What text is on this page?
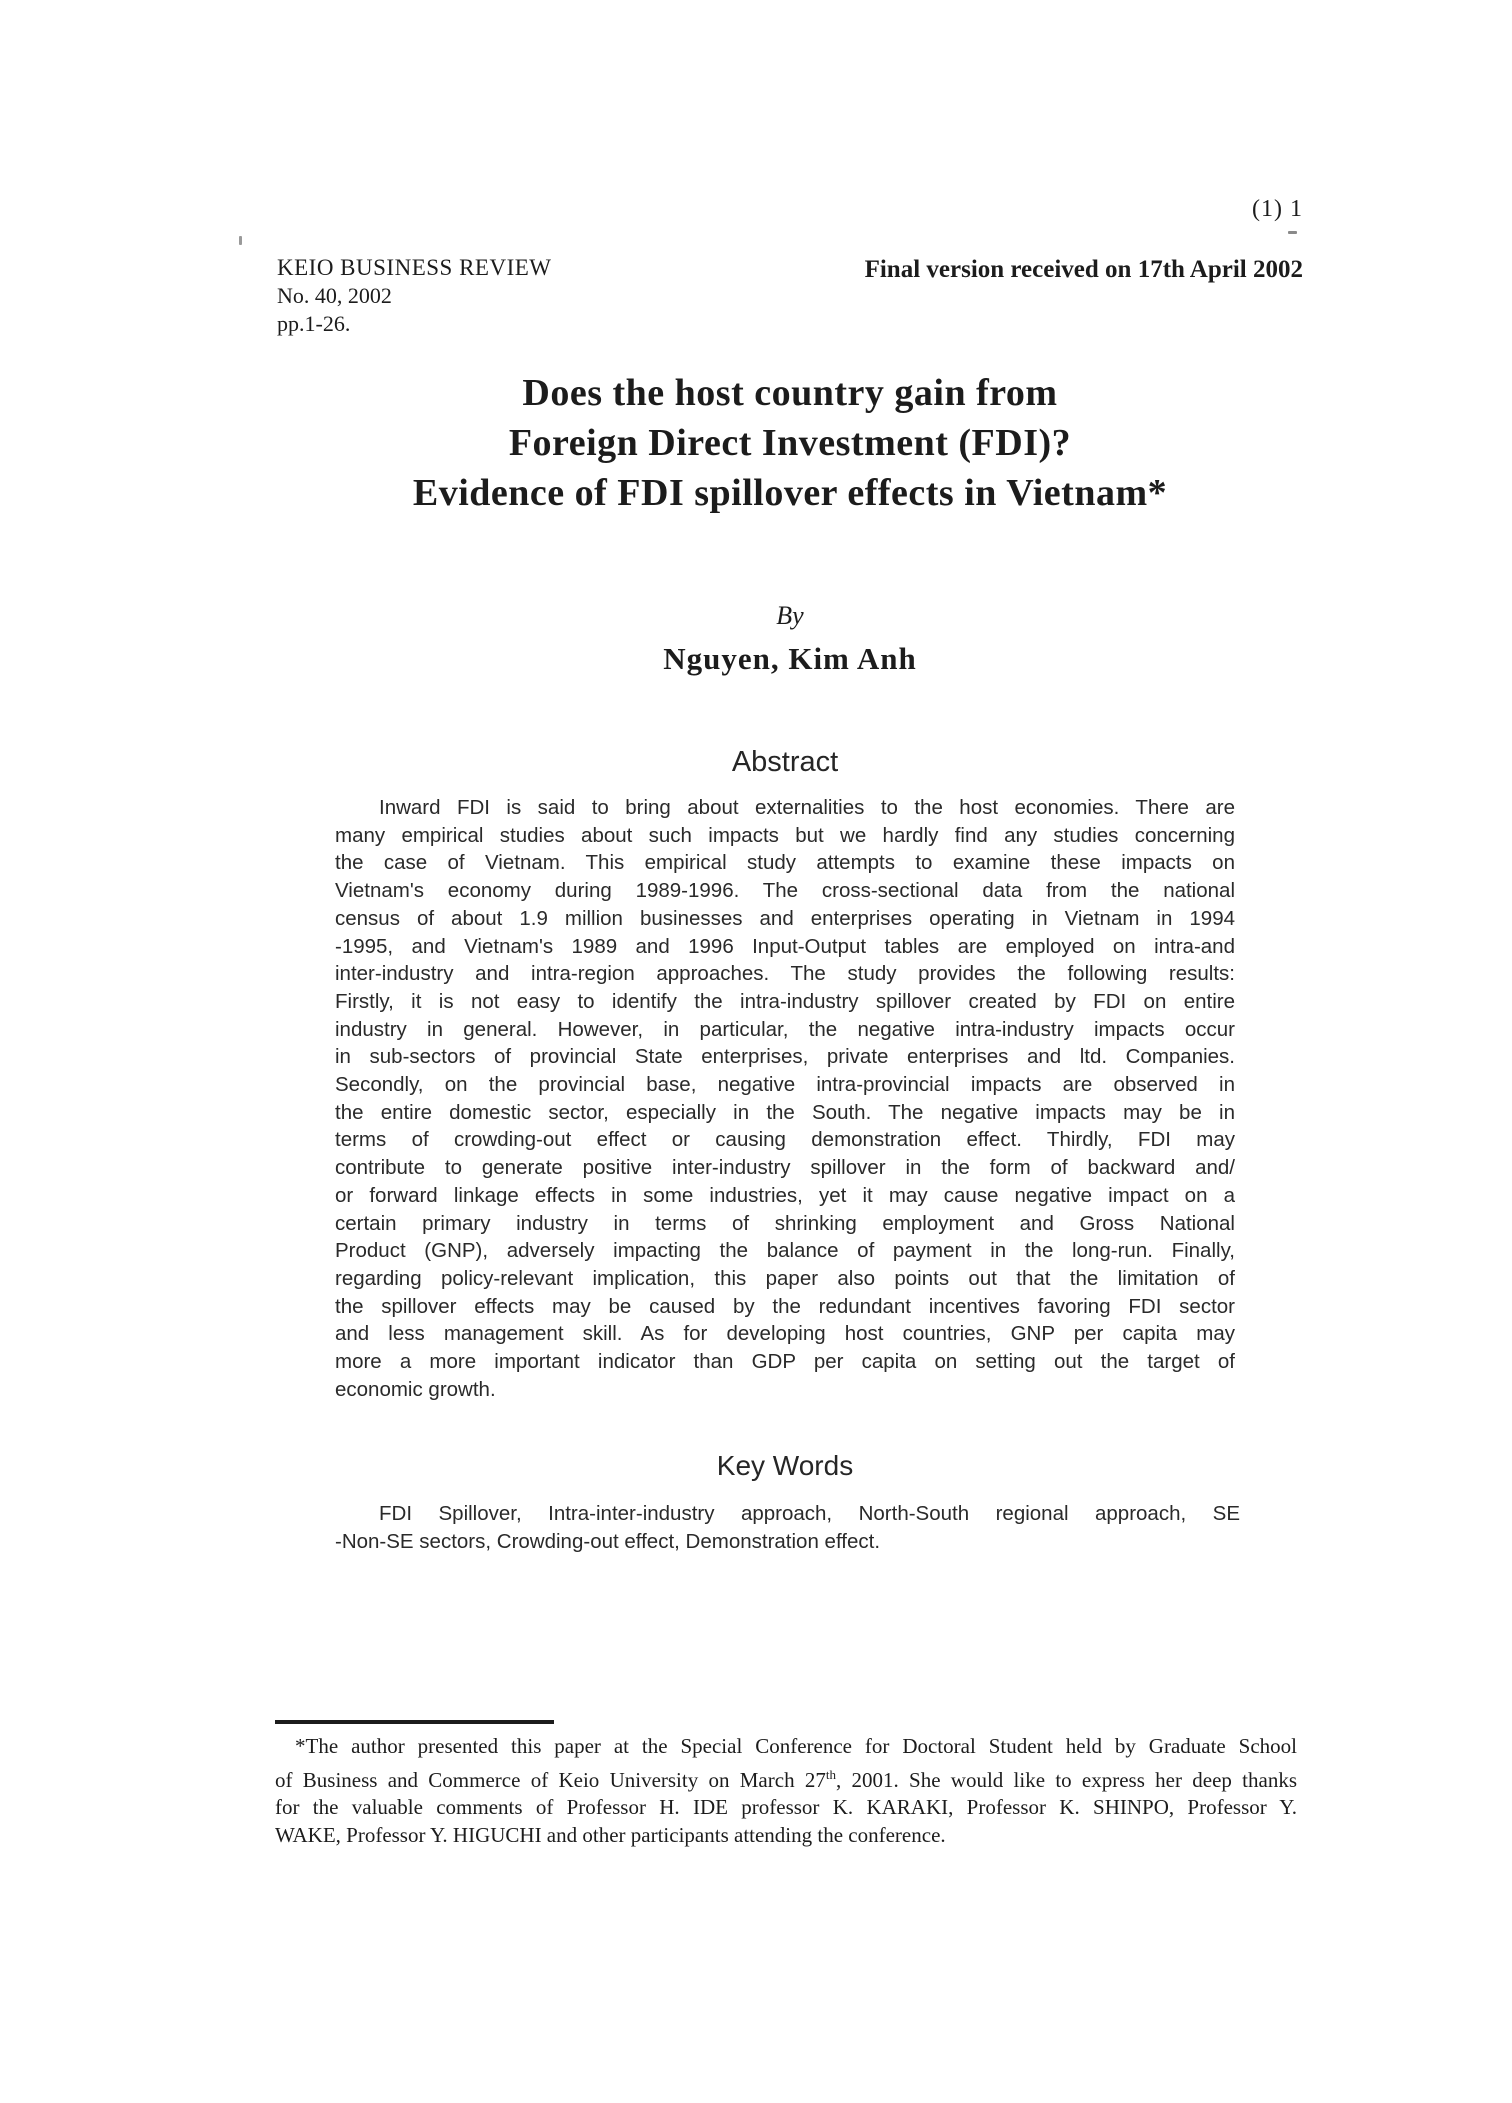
(1) 1
KEIO BUSINESS REVIEW
No. 40, 2002
pp.1-26.
Final version received on 17th April 2002
Does the host country gain from
Foreign Direct Investment (FDI)?
Evidence of FDI spillover effects in Vietnam*
By
Nguyen, Kim Anh
Abstract
Inward FDI is said to bring about externalities to the host economies. There are
many empirical studies about such impacts but we hardly find any studies concerning
the case of Vietnam. This empirical study attempts to examine these impacts on
Vietnam's economy during 1989-1996. The cross-sectional data from the national
census of about 1.9 million businesses and enterprises operating in Vietnam in 1994
-1995, and Vietnam's 1989 and 1996 Input-Output tables are employed on intra-and
inter-industry and intra-region approaches. The study provides the following results:
Firstly, it is not easy to identify the intra-industry spillover created by FDI on entire
industry in general. However, in particular, the negative intra-industry impacts occur
in sub-sectors of provincial State enterprises, private enterprises and ltd. Companies.
Secondly, on the provincial base, negative intra-provincial impacts are observed in
the entire domestic sector, especially in the South. The negative impacts may be in
terms of crowding-out effect or causing demonstration effect. Thirdly, FDI may
contribute to generate positive inter-industry spillover in the form of backward and/
or forward linkage effects in some industries, yet it may cause negative impact on a
certain primary industry in terms of shrinking employment and Gross National
Product (GNP), adversely impacting the balance of payment in the long-run. Finally,
regarding policy-relevant implication, this paper also points out that the limitation of
the spillover effects may be caused by the redundant incentives favoring FDI sector
and less management skill. As for developing host countries, GNP per capita may
more a more important indicator than GDP per capita on setting out the target of
economic growth.
Key Words
FDI Spillover, Intra-inter-industry approach, North-South regional approach, SE
-Non-SE sectors, Crowding-out effect, Demonstration effect.
*The author presented this paper at the Special Conference for Doctoral Student held by Graduate School
of Business and Commerce of Keio University on March 27th, 2001. She would like to express her deep thanks
for the valuable comments of Professor H. IDE professor K. KARAKI, Professor K. SHINPO, Professor Y.
WAKE, Professor Y. HIGUCHI and other participants attending the conference.
